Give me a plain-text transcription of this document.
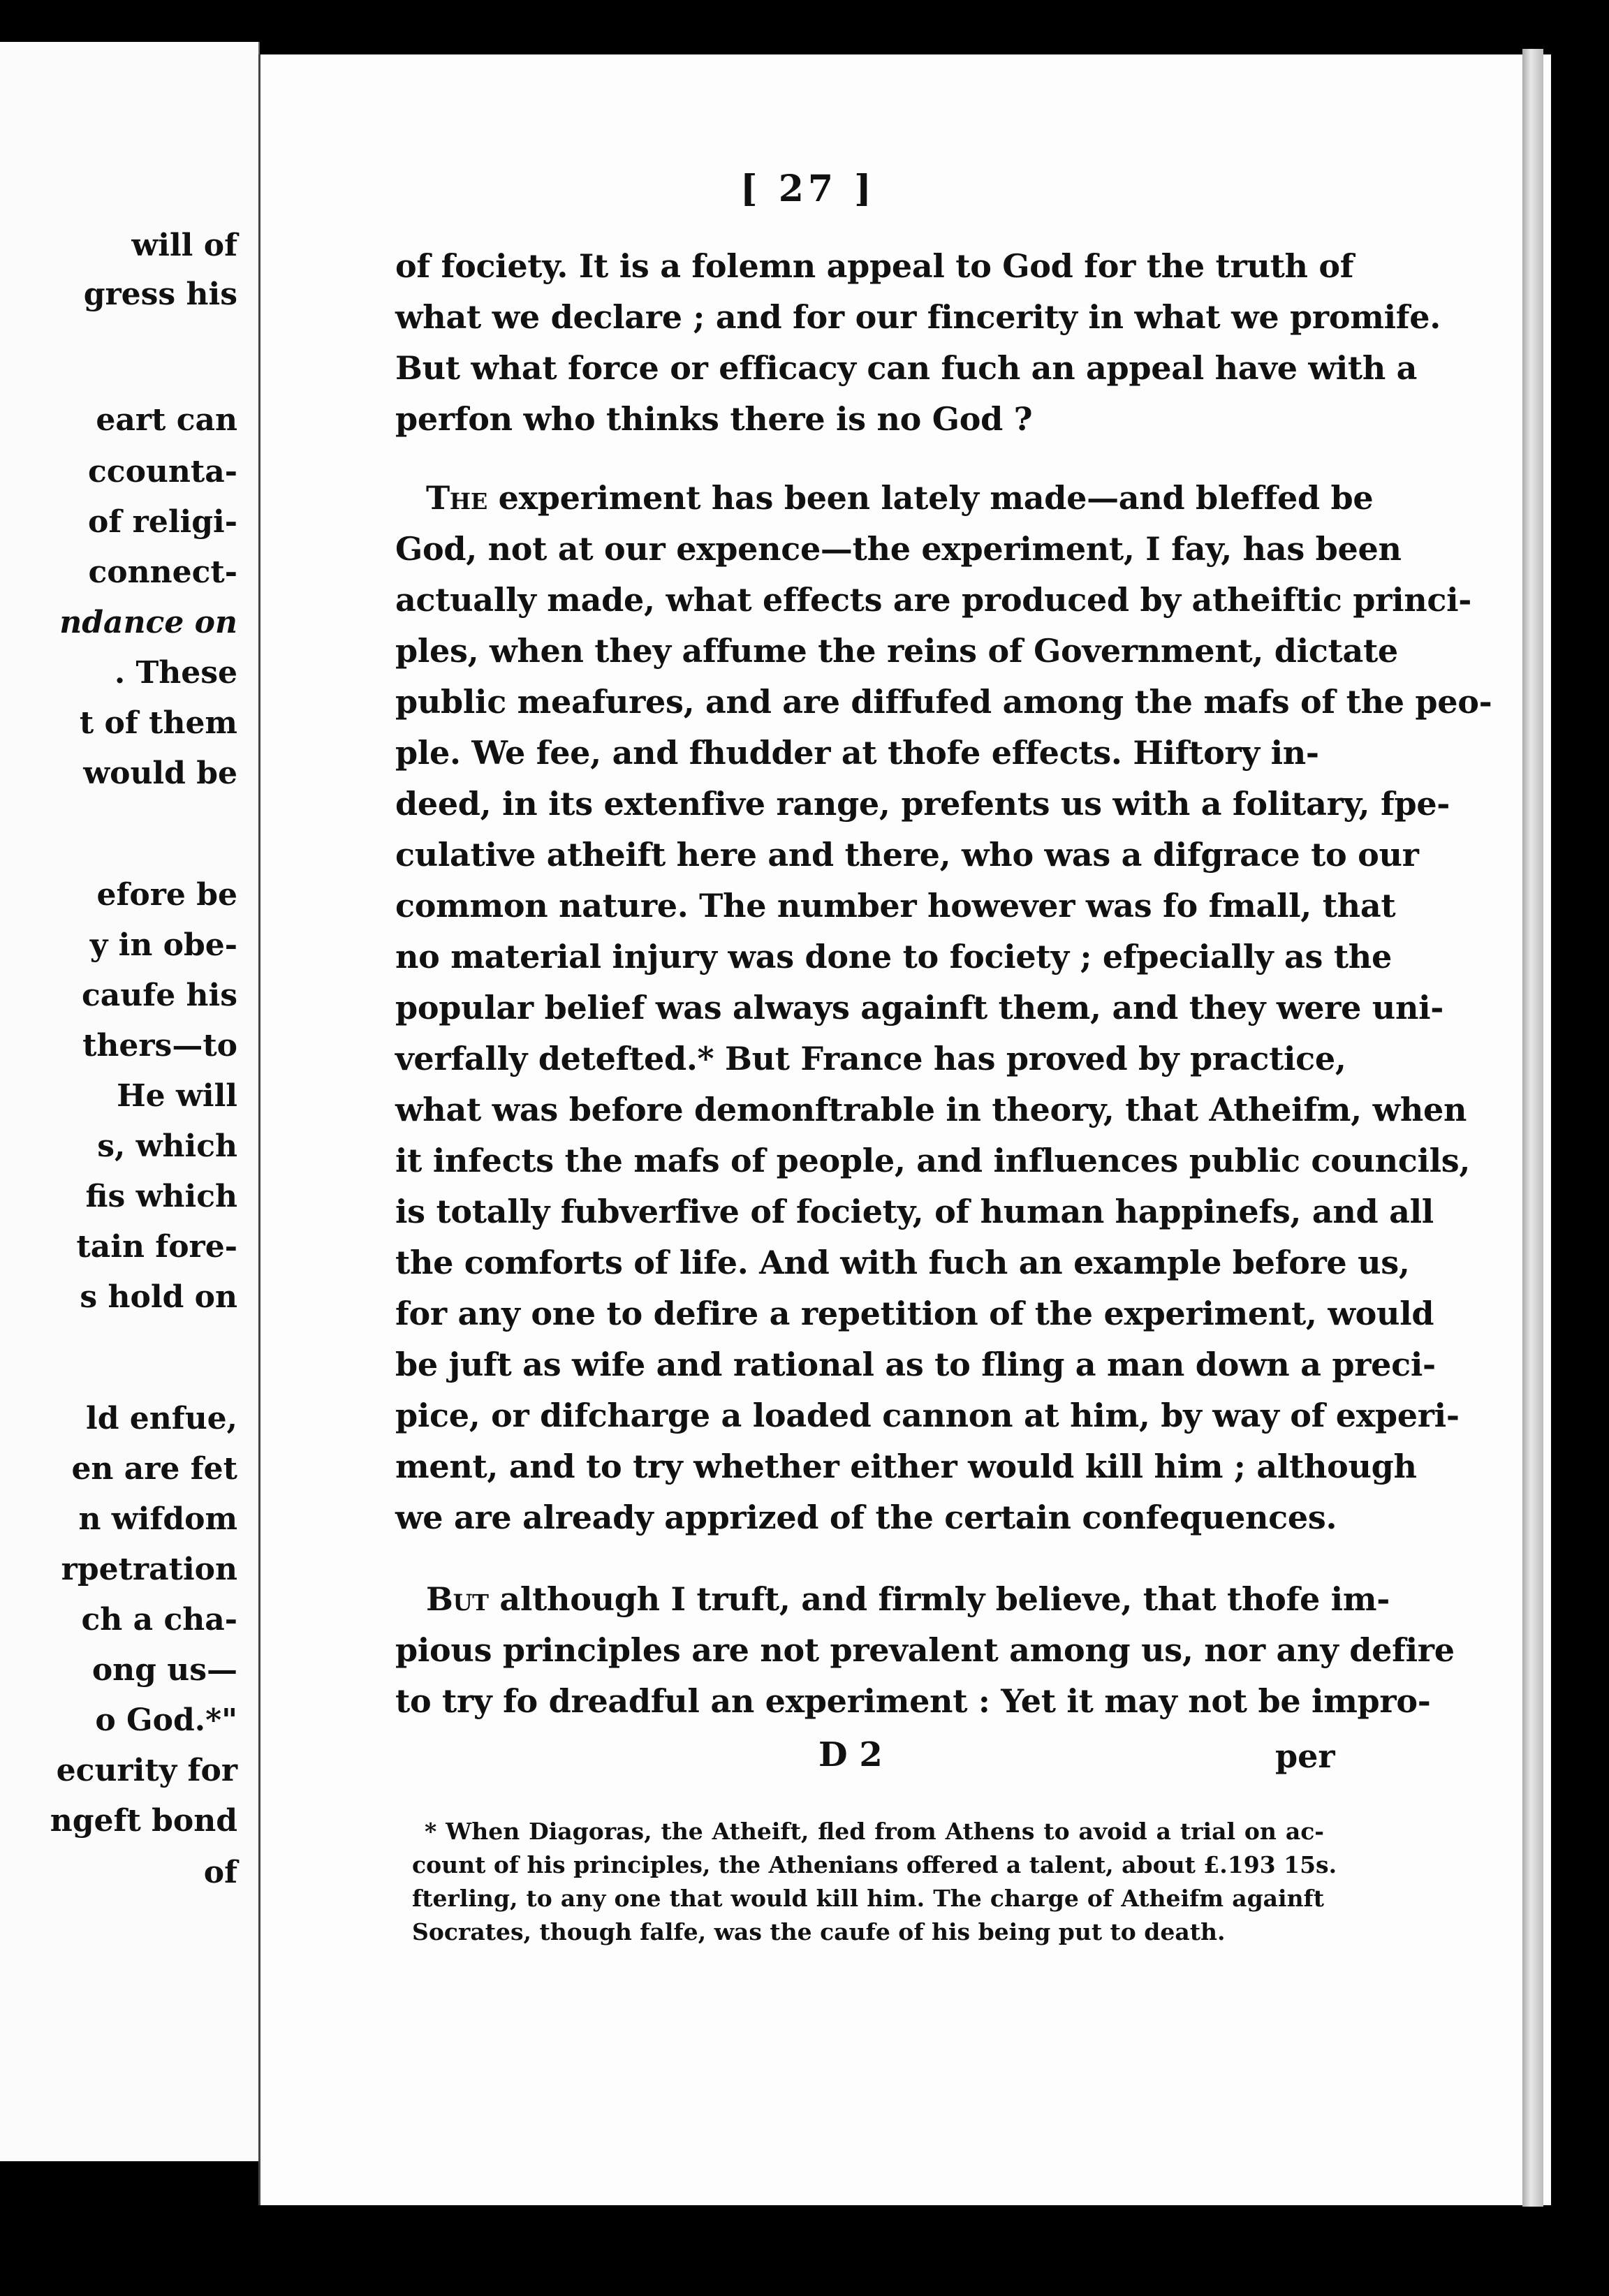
will of
gress his
eart can
ccounta-
of religi-
connect-
ndance on
. These
t of them
would be
efore be
y in obe-
caufe his
thers—to
He will
s, which
fis which
tain fore-
s hold on
ld enfue,
en are fet
n wifdom
rpetration
ch a cha-
ong us—
o God.*"
ecurity for
ngeft bond
of
[ 27 ]
of fociety. It is a folemn appeal to God for the truth of
what we declare ; and for our fincerity in what we promife.
But what force or efficacy can fuch an appeal have with a
perfon who thinks there is no God ?
The experiment has been lately made—and bleffed be
God, not at our expence—the experiment, I fay, has been
actually made, what effects are produced by atheiftic princi-
ples, when they affume the reins of Government, dictate
public meafures, and are diffufed among the mafs of the peo-
ple. We fee, and fhudder at thofe effects. Hiftory in-
deed, in its extenfive range, prefents us with a folitary, fpe-
culative atheift here and there, who was a difgrace to our
common nature. The number however was fo fmall, that
no material injury was done to fociety ; efpecially as the
popular belief was always againft them, and they were uni-
verfally detefted.* But France has proved by practice,
what was before demonftrable in theory, that Atheifm, when
it infects the mafs of people, and influences public councils,
is totally fubverfive of fociety, of human happinefs, and all
the comforts of life. And with fuch an example before us,
for any one to defire a repetition of the experiment, would
be juft as wife and rational as to fling a man down a preci-
pice, or difcharge a loaded cannon at him, by way of experi-
ment, and to try whether either would kill him ; although
we are already apprized of the certain confequences.
But although I truft, and firmly believe, that thofe im-
pious principles are not prevalent among us, nor any defire
to try fo dreadful an experiment : Yet it may not be impro-
D 2	per
* When Diagoras, the Atheift, fled from Athens to avoid a trial on ac-
count of his principles, the Athenians offered a talent, about £.193 15s.
fterling, to any one that would kill him. The charge of Atheifm againft
Socrates, though falfe, was the caufe of his being put to death.
